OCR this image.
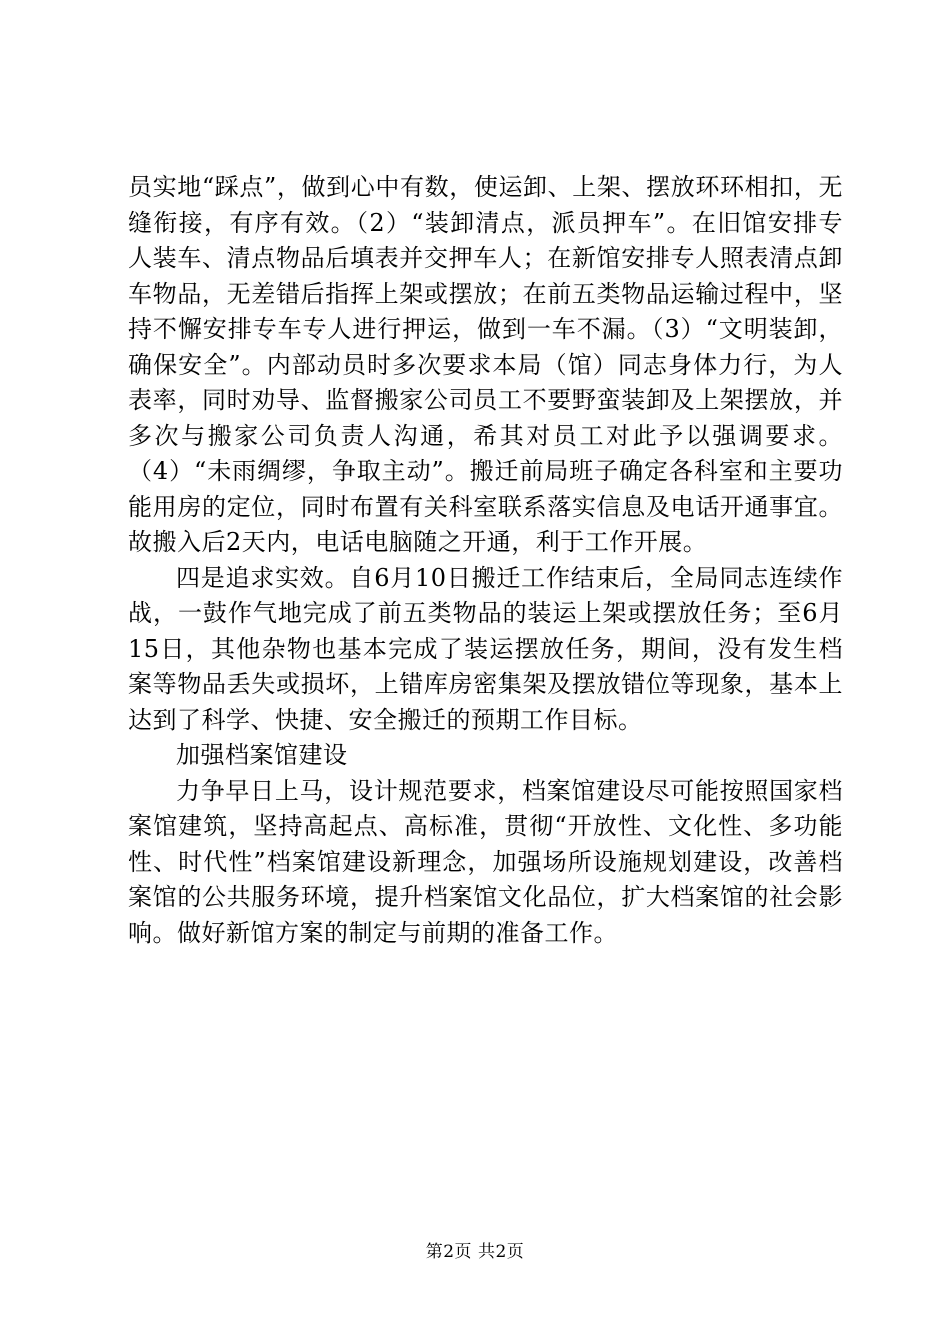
员实地“踩点”，做到心中有数，使运卸、上架、摆放环环相扣，无缝衔接，有序有效。（2）“装卸清点，派员押车”。在旧馆安排专人装车、清点物品后填表并交押车人；在新馆安排专人照表清点卸车物品，无差错后指挥上架或摆放；在前五类物品运输过程中，坚持不懈安排专车专人进行押运，做到一车不漏。（3）“文明装卸，确保安全”。内部动员时多次要求本局（馆）同志身体力行，为人表率，同时劝导、监督搬家公司员工不要野蛮装卸及上架摆放，并多次与搬家公司负责人沟通，希其对员工对此予以强调要求。（4）“未雨绸缪，争取主动”。搬迁前局班子确定各科室和主要功能用房的定位，同时布置有关科室联系落实信息及电话开通事宜。故搬入后2天内，电话电脑随之开通，利于工作开展。

四是追求实效。自6月10日搬迁工作结束后，全局同志连续作战，一鼓作气地完成了前五类物品的装运上架或摆放任务；至6月15日，其他杂物也基本完成了装运摆放任务，期间，没有发生档案等物品丢失或损坏，上错库房密集架及摆放错位等现象，基本上达到了科学、快捷、安全搬迁的预期工作目标。

加强档案馆建设

力争早日上马，设计规范要求，档案馆建设尽可能按照国家档案馆建筑，坚持高起点、高标准，贯彻“开放性、文化性、多功能性、时代性”档案馆建设新理念，加强场所设施规划建设，改善档案馆的公共服务环境，提升档案馆文化品位，扩大档案馆的社会影响。做好新馆方案的制定与前期的准备工作。

第2页 共2页
